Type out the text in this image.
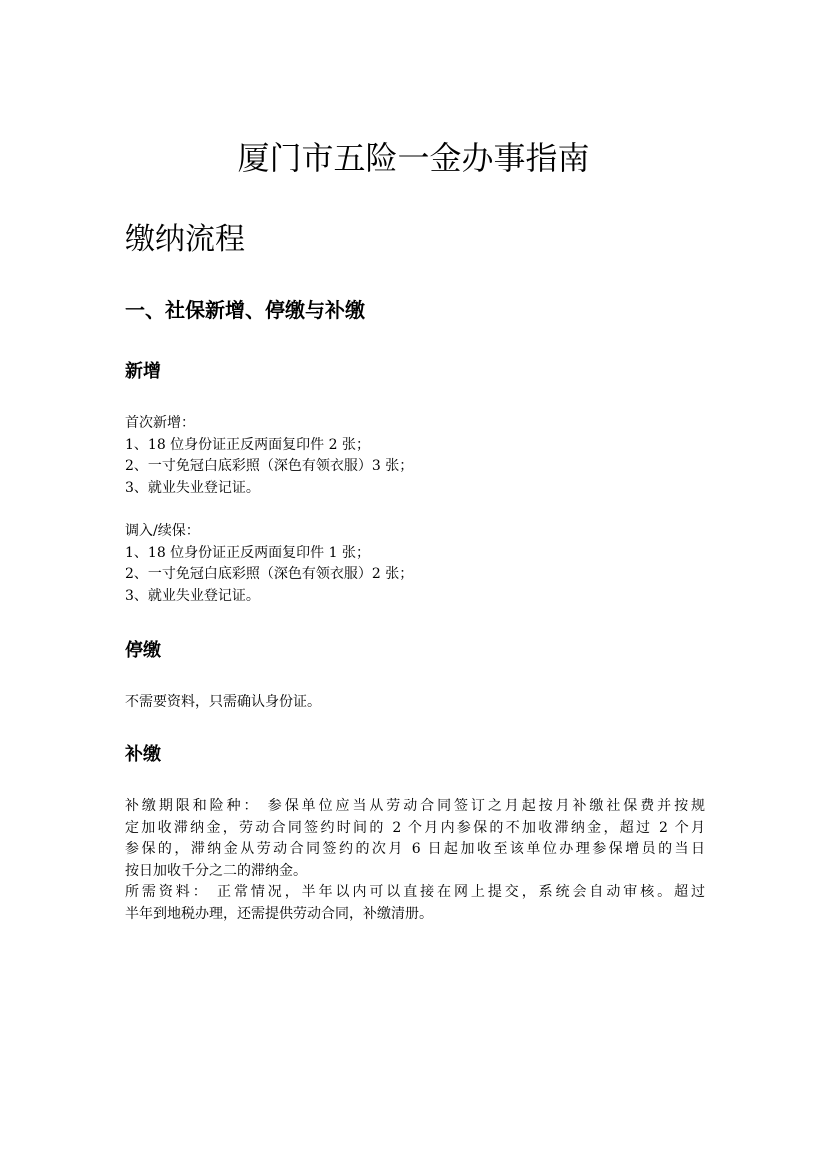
厦门市五险一金办事指南
缴纳流程
一、社保新增、停缴与补缴
新增
首次新增：
1、18 位身份证正反两面复印件 2 张；
2、一寸免冠白底彩照（深色有领衣服）3 张；
3、就业失业登记证。
调入/续保：
1、18 位身份证正反两面复印件 1 张；
2、一寸免冠白底彩照（深色有领衣服）2 张；
3、就业失业登记证。
停缴

不需要资料，只需确认身份证。

补缴
补缴期限和险种： 参保单位应当从劳动合同签订之月起按月补缴社保费并按规
定加收滞纳金，劳动合同签约时间的 2 个月内参保的不加收滞纳金，超过 2 个月
参保的，滞纳金从劳动合同签约的次月 6 日起加收至该单位办理参保增员的当日
按日加收千分之二的滞纳金。
所需资料： 正常情况，半年以内可以直接在网上提交，系统会自动审核。超过
半年到地税办理，还需提供劳动合同，补缴清册。
